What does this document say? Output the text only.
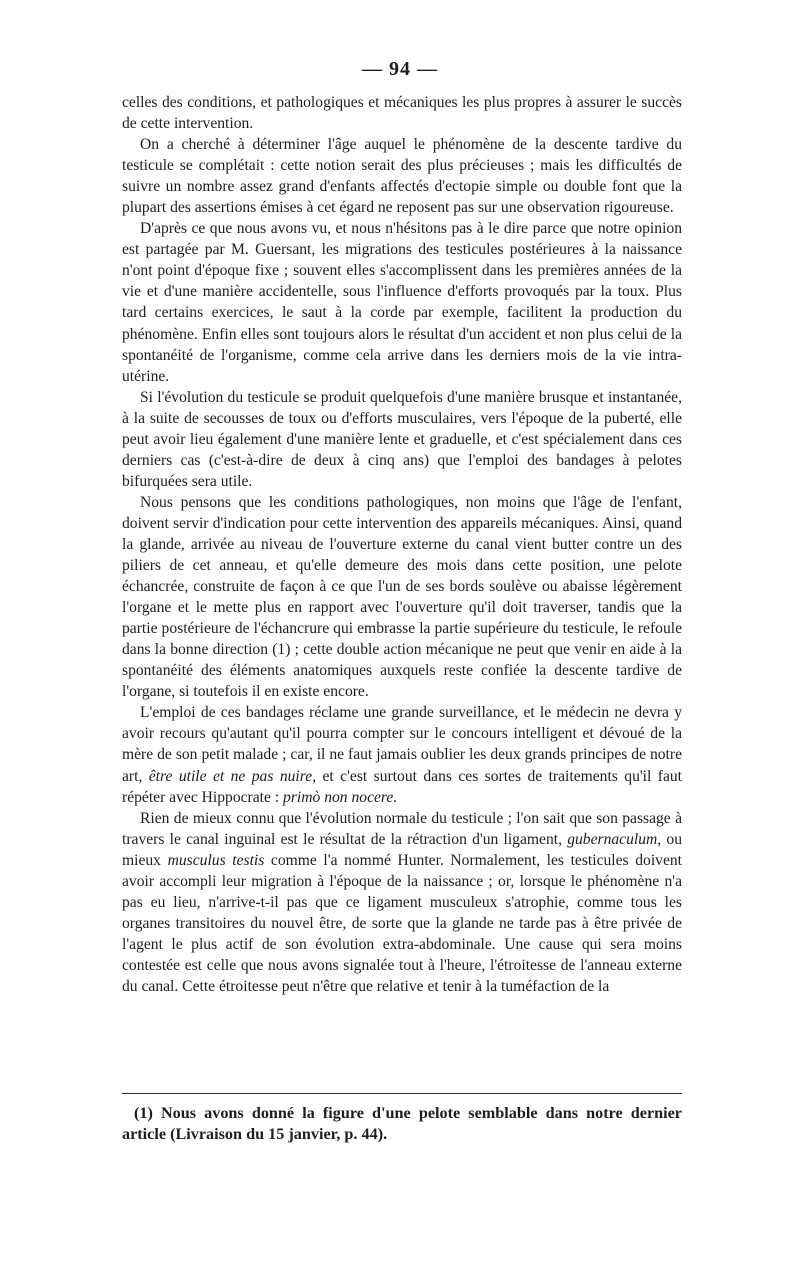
— 94 —

celles des conditions, et pathologiques et mécaniques les plus propres à assurer le succès de cette intervention.

On a cherché à déterminer l'âge auquel le phénomène de la descente tardive du testicule se complétait : cette notion serait des plus précieuses ; mais les difficultés de suivre un nombre assez grand d'enfants affectés d'ectopie simple ou double font que la plupart des assertions émises à cet égard ne reposent pas sur une observation rigoureuse.

D'après ce que nous avons vu, et nous n'hésitons pas à le dire parce que notre opinion est partagée par M. Guersant, les migrations des testicules postérieures à la naissance n'ont point d'époque fixe ; souvent elles s'accomplissent dans les premières années de la vie et d'une manière accidentelle, sous l'influence d'efforts provoqués par la toux. Plus tard certains exercices, le saut à la corde par exemple, facilitent la production du phénomène. Enfin elles sont toujours alors le résultat d'un accident et non plus celui de la spontanéité de l'organisme, comme cela arrive dans les derniers mois de la vie intra-utérine.

Si l'évolution du testicule se produit quelquefois d'une manière brusque et instantanée, à la suite de secousses de toux ou d'efforts musculaires, vers l'époque de la puberté, elle peut avoir lieu également d'une manière lente et graduelle, et c'est spécialement dans ces derniers cas (c'est-à-dire de deux à cinq ans) que l'emploi des bandages à pelotes bifurquées sera utile.

Nous pensons que les conditions pathologiques, non moins que l'âge de l'enfant, doivent servir d'indication pour cette intervention des appareils mécaniques. Ainsi, quand la glande, arrivée au niveau de l'ouverture externe du canal vient butter contre un des piliers de cet anneau, et qu'elle demeure des mois dans cette position, une pelote échancrée, construite de façon à ce que l'un de ses bords soulève ou abaisse légèrement l'organe et le mette plus en rapport avec l'ouverture qu'il doit traverser, tandis que la partie postérieure de l'échancrure qui embrasse la partie supérieure du testicule, le refoule dans la bonne direction (1) ; cette double action mécanique ne peut que venir en aide à la spontanéité des éléments anatomiques auxquels reste confiée la descente tardive de l'organe, si toutefois il en existe encore.

L'emploi de ces bandages réclame une grande surveillance, et le médecin ne devra y avoir recours qu'autant qu'il pourra compter sur le concours intelligent et dévoué de la mère de son petit malade ; car, il ne faut jamais oublier les deux grands principes de notre art, être utile et ne pas nuire, et c'est surtout dans ces sortes de traitements qu'il faut répéter avec Hippocrate : primò non nocere.

Rien de mieux connu que l'évolution normale du testicule ; l'on sait que son passage à travers le canal inguinal est le résultat de la rétraction d'un ligament, gubernaculum, ou mieux musculus testis comme l'a nommé Hunter. Normalement, les testicules doivent avoir accompli leur migration à l'époque de la naissance ; or, lorsque le phénomène n'a pas eu lieu, n'arrive-t-il pas que ce ligament musculeux s'atrophie, comme tous les organes transitoires du nouvel être, de sorte que la glande ne tarde pas à être privée de l'agent le plus actif de son évolution extra-abdominale. Une cause qui sera moins contestée est celle que nous avons signalée tout à l'heure, l'étroitesse de l'anneau externe du canal. Cette étroitesse peut n'être que relative et tenir à la tuméfaction de la

(1) Nous avons donné la figure d'une pelote semblable dans notre dernier article (Livraison du 15 janvier, p. 44).
